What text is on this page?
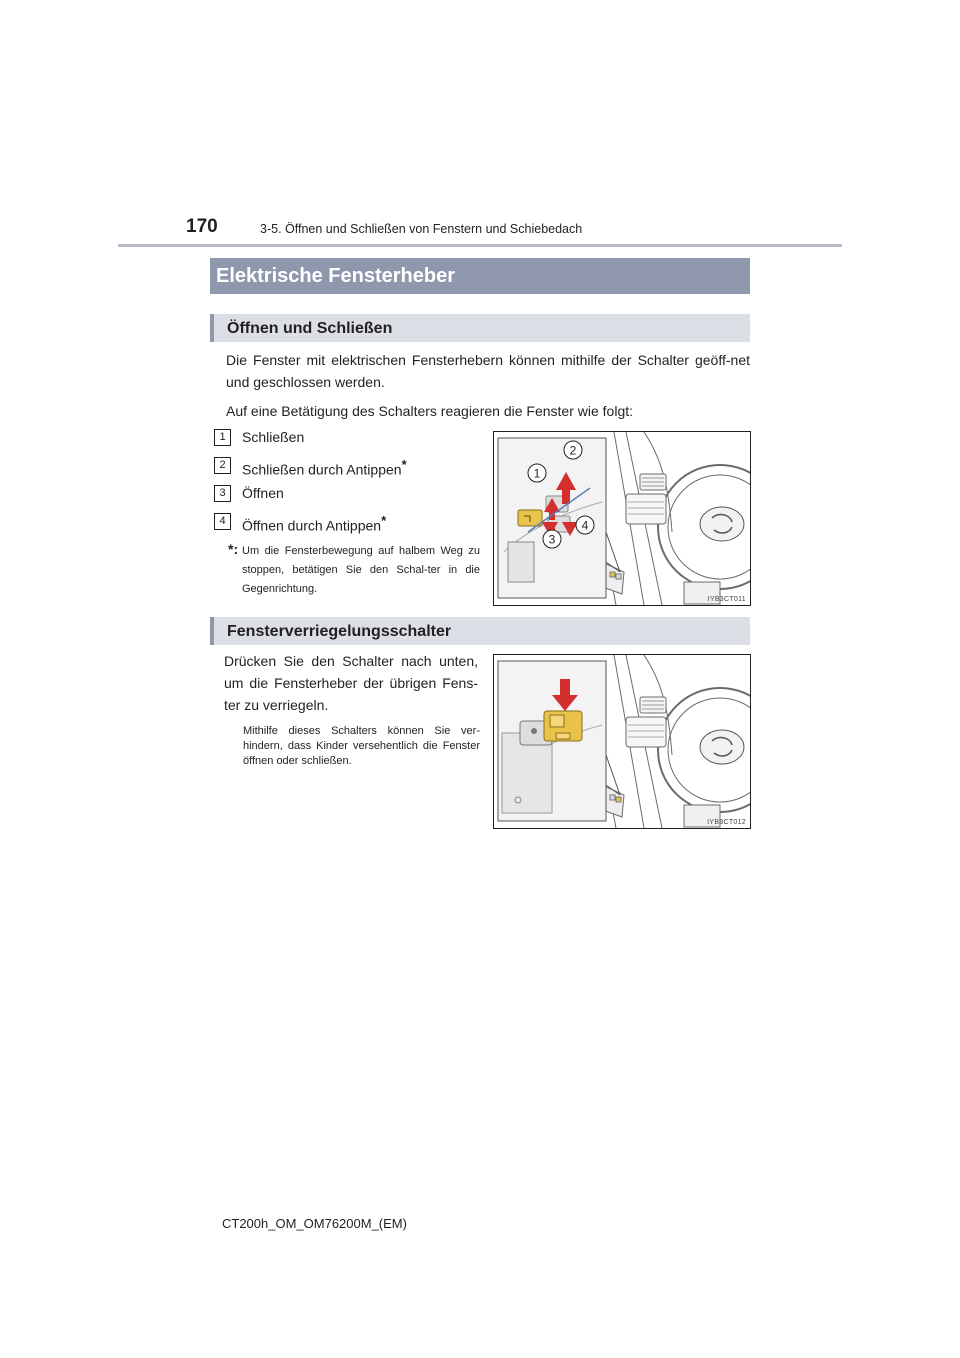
170	3-5. Öffnen und Schließen von Fenstern und Schiebedach
Elektrische Fensterheber
Öffnen und Schließen
Die Fenster mit elektrischen Fensterhebern können mithilfe der Schalter geöff-net und geschlossen werden.
Auf eine Betätigung des Schalters reagieren die Fenster wie folgt:
1	Schließen
2	Schließen durch Antippen*
3	Öffnen
4	Öffnen durch Antippen*
*: Um die Fensterbewegung auf halbem Weg zu stoppen, betätigen Sie den Schal-ter in die Gegenrichtung.
1
2
3
4
IYB3CT011
Fensterverriegelungsschalter
Drücken Sie den Schalter nach unten, um die Fensterheber der übrigen Fens-ter zu verriegeln.
Mithilfe dieses Schalters können Sie ver-hindern, dass Kinder versehentlich die Fenster öffnen oder schließen.
IYB3CT012
CT200h_OM_OM76200M_(EM)
